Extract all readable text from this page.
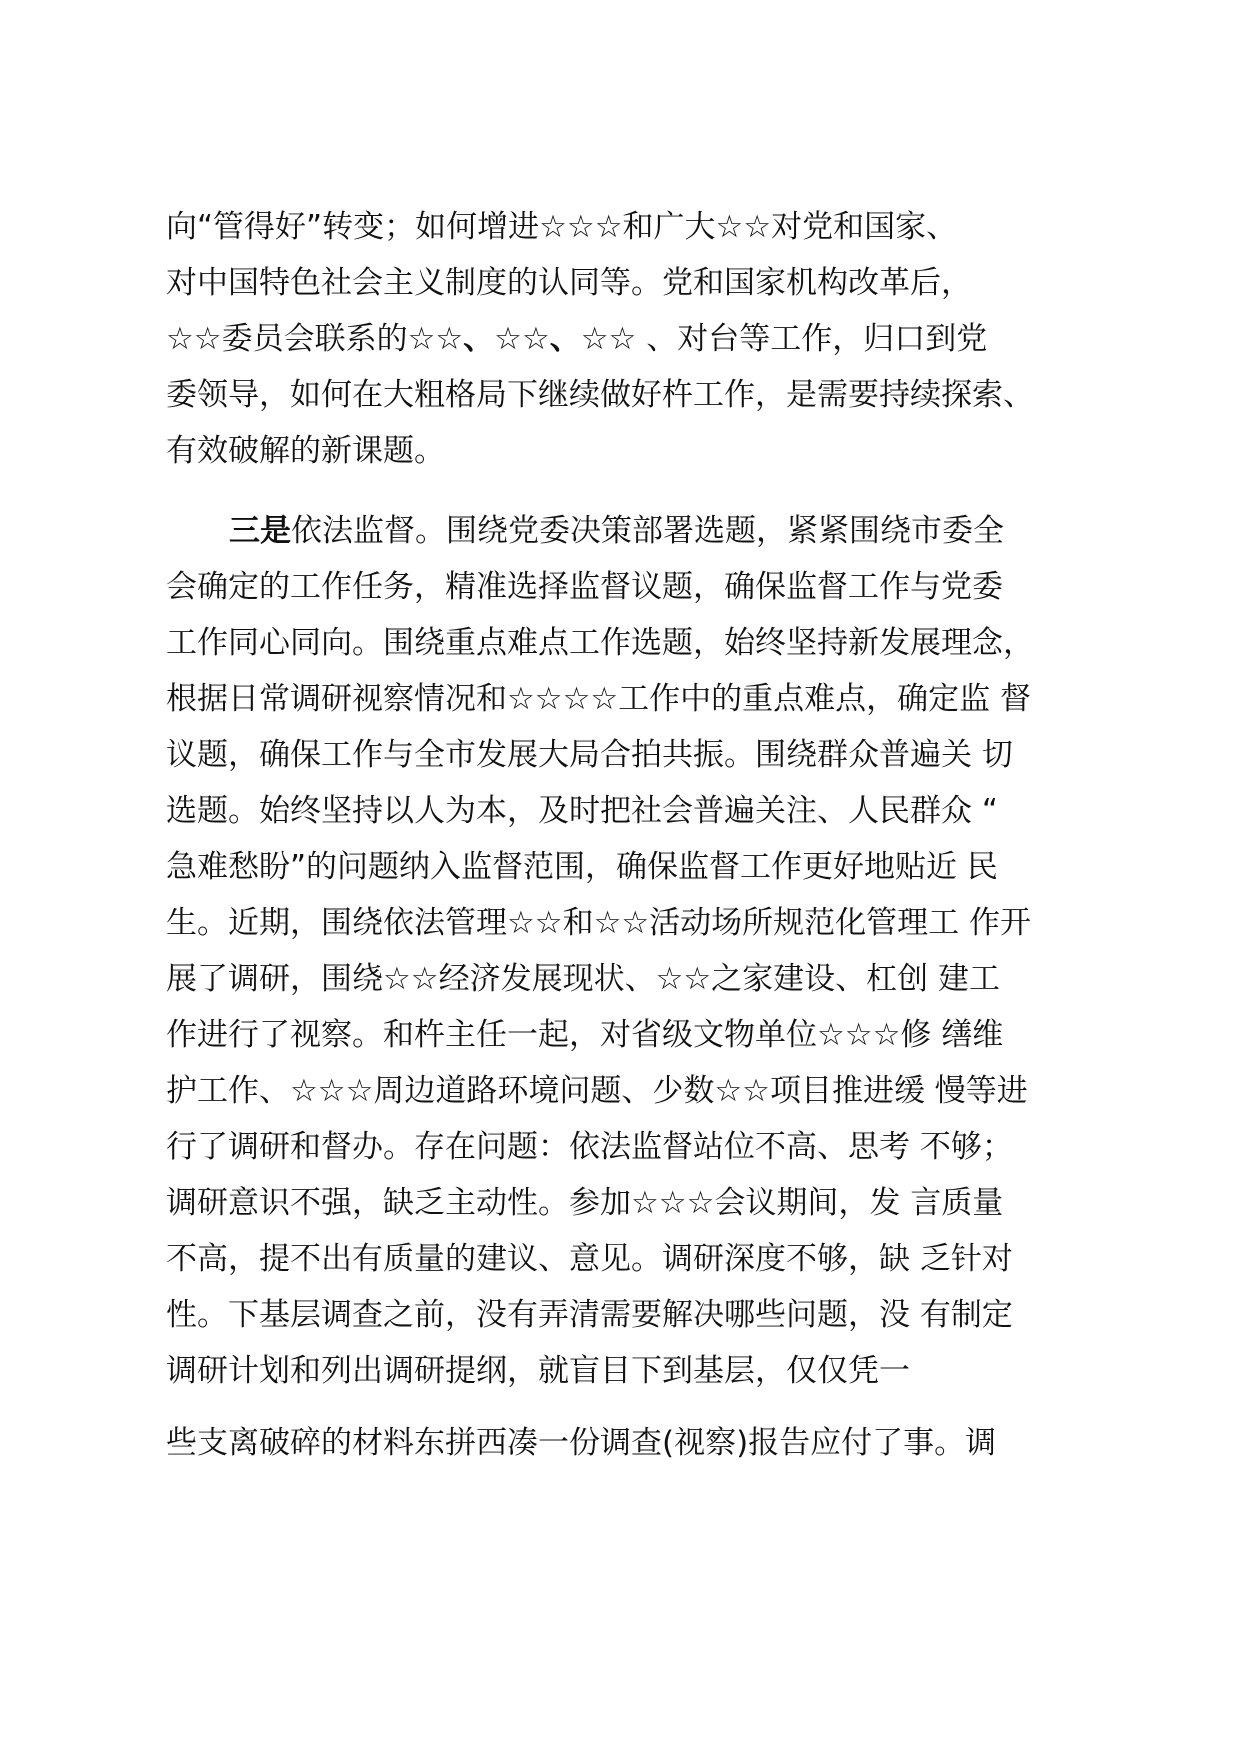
向“管得好”转变；如何增进☆☆☆和广大☆☆对党和国家、
对中国特色社会主义制度的认同等。党和国家机构改革后，
☆☆委员会联系的☆☆、☆☆、☆☆ 、对台等工作，归口到党
委领导，如何在大粗格局下继续做好杵工作，是需要持续探索、
有效破解的新课题。
三是依法监督。围绕党委决策部署选题，紧紧围绕市委全
会确定的工作任务，精准选择监督议题，确保监督工作与党委
工作同心同向。围绕重点难点工作选题，始终坚持新发展理念，
根据日常调研视察情况和☆☆☆☆工作中的重点难点，确定监 督
议题，确保工作与全市发展大局合拍共振。围绕群众普遍关 切
选题。始终坚持以人为本，及时把社会普遍关注、人民群众 “
急难愁盼”的问题纳入监督范围，确保监督工作更好地贴近 民
生。近期，围绕依法管理☆☆和☆☆活动场所规范化管理工 作开
展了调研，围绕☆☆经济发展现状、☆☆之家建设、杠创 建工
作进行了视察。和杵主任一起，对省级文物单位☆☆☆修 缮维
护工作、☆☆☆周边道路环境问题、少数☆☆项目推进缓 慢等进
行了调研和督办。存在问题：依法监督站位不高、思考 不够；
调研意识不强，缺乏主动性。参加☆☆☆会议期间，发 言质量
不高，提不出有质量的建议、意见。调研深度不够，缺 乏针对
性。下基层调查之前，没有弄清需要解决哪些问题，没 有制定
调研计划和列出调研提纲，就盲目下到基层，仅仅凭一
些支离破碎的材料东拼西凑一份调查(视察)报告应付了事。调
